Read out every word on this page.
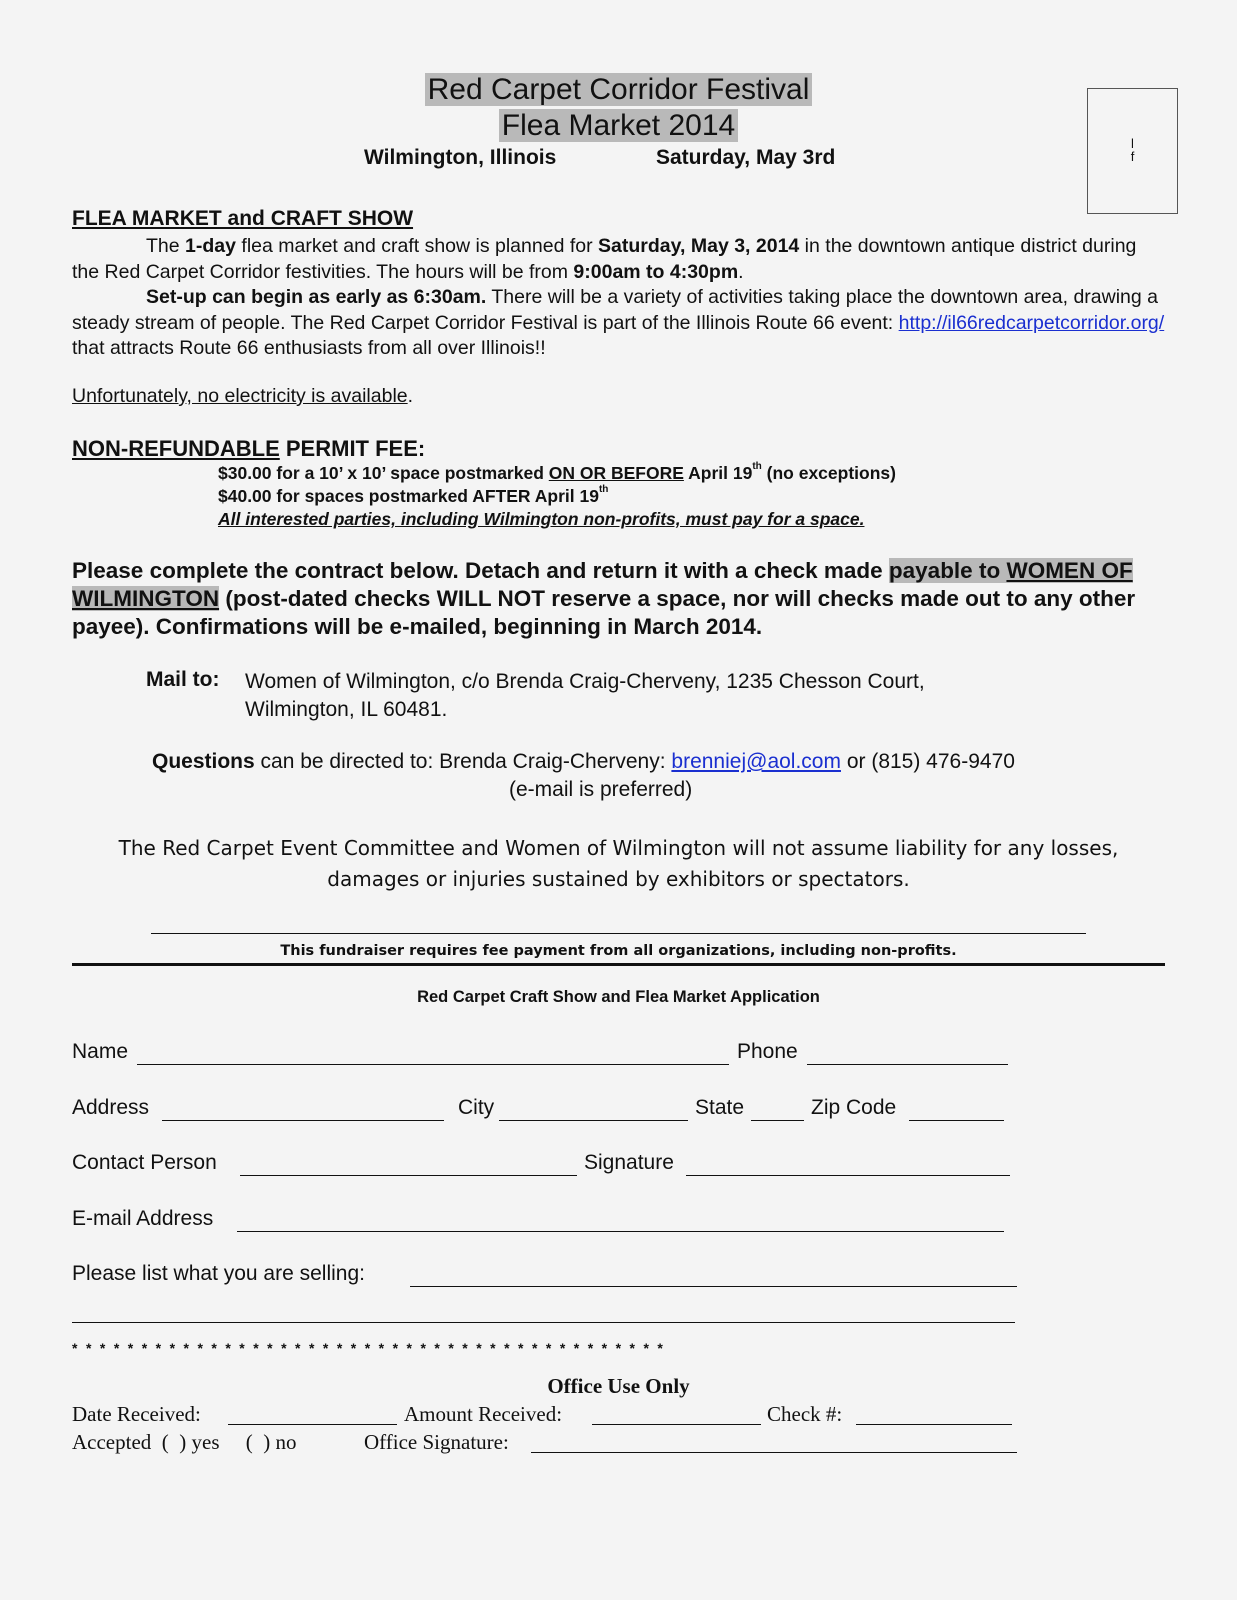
Red Carpet Corridor Festival
Flea Market 2014
Wilmington, Illinois	Saturday, May 3rd
l
f
FLEA MARKET and CRAFT SHOW
The 1-day flea market and craft show is planned for Saturday, May 3, 2014 in the downtown antique district during the Red Carpet Corridor festivities. The hours will be from 9:00am to 4:30pm.
Set-up can begin as early as 6:30am. There will be a variety of activities taking place the downtown area, drawing a steady stream of people. The Red Carpet Corridor Festival is part of the Illinois Route 66 event: http://il66redcarpetcorridor.org/ that attracts Route 66 enthusiasts from all over Illinois!!
Unfortunately, no electricity is available.
NON-REFUNDABLE PERMIT FEE:
$30.00 for a 10’ x 10’ space postmarked ON OR BEFORE April 19th (no exceptions)
$40.00 for spaces postmarked AFTER April 19th
All interested parties, including Wilmington non-profits, must pay for a space.
Please complete the contract below. Detach and return it with a check made payable to WOMEN OF WILMINGTON (post-dated checks WILL NOT reserve a space, nor will checks made out to any other payee). Confirmations will be e-mailed, beginning in March 2014.
Mail to: Women of Wilmington, c/o Brenda Craig-Cherveny, 1235 Chesson Court,
Wilmington, IL 60481.
Questions can be directed to: Brenda Craig-Cherveny: brenniej@aol.com or (815) 476-9470
(e-mail is preferred)
The Red Carpet Event Committee and Women of Wilmington will not assume liability for any losses,
damages or injuries sustained by exhibitors or spectators.
This fundraiser requires fee payment from all organizations, including non-profits.
Red Carpet Craft Show and Flea Market Application
Name	Phone
Address	City	State	Zip Code
Contact Person	Signature
E-mail Address
Please list what you are selling:
* * * * * * * * * * * * * * * * * * * * * * * * * * * * * * * * * * * * * * * * * * *
Office Use Only
Date Received:	Amount Received:	Check #:
Accepted  (  ) yes     (  ) no	Office Signature:
